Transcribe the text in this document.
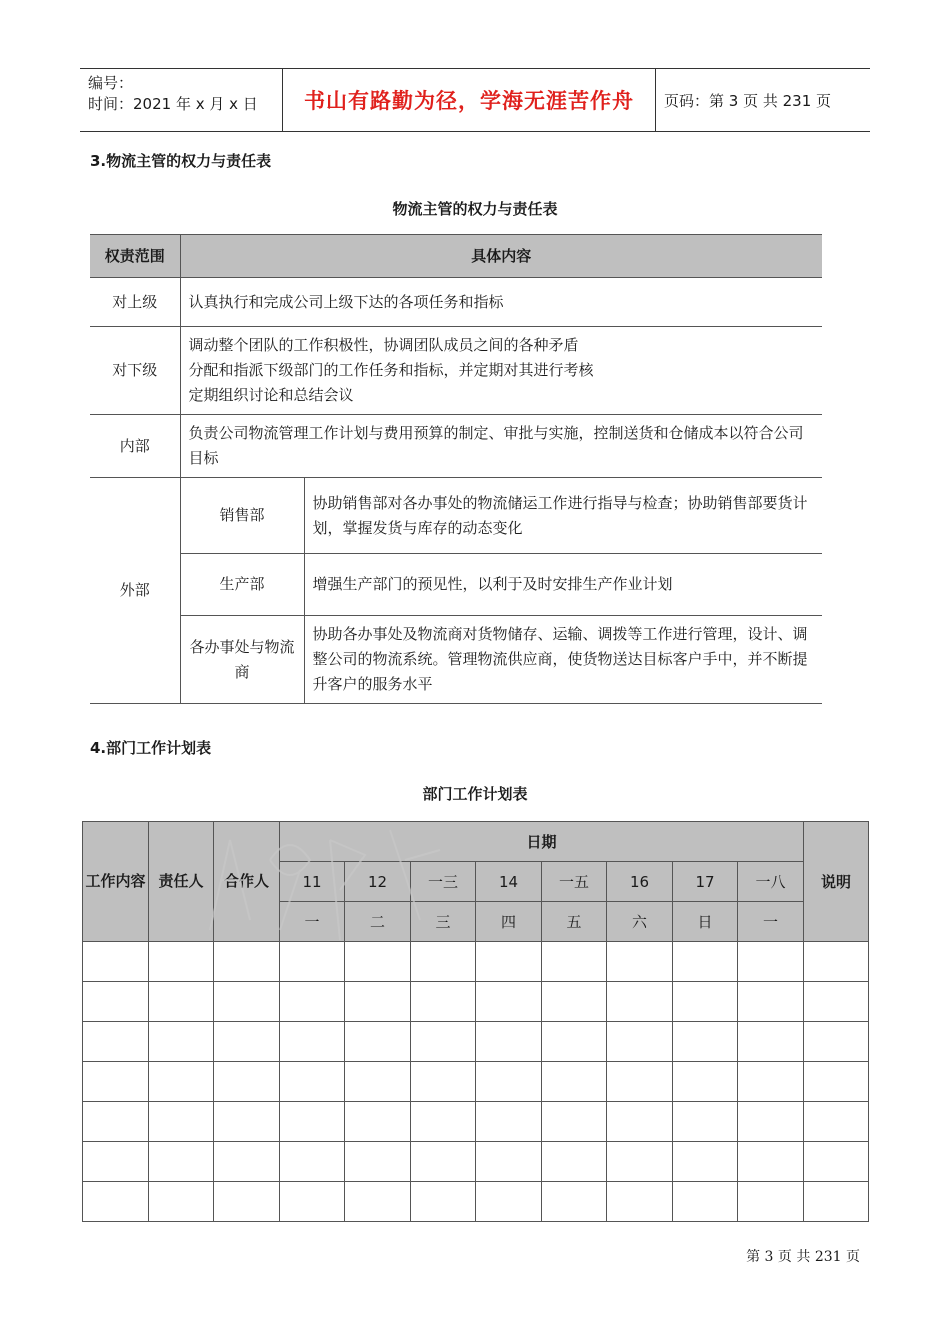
编号：
时间：2021 年 x 月 x 日	书山有路勤为径，学海无涯苦作舟	页码：第 3 页 共 231 页
3.物流主管的权力与责任表
物流主管的权力与责任表
权责范围	具体内容	
对上级	认真执行和完成公司上级下达的各项任务和指标	
对下级	调动整个团队的工作积极性，协调团队成员之间的各种矛盾
分配和指派下级部门的工作任务和指标，并定期对其进行考核
定期组织讨论和总结会议	

内部	负责公司物流管理工作计划与费用预算的制定、审批与实施，控制送货和仓储成本以符合公司目标	
外部	销售部	协助销售部对各办事处的物流储运工作进行指导与检查；协助销售部要货计划，掌握发货与库存的动态变化
	生产部	增强生产部门的预见性，以利于及时安排生产作业计划
	各办事处与物流商	协助各办事处及物流商对货物储存、运输、调拨等工作进行管理，设计、调整公司的物流系统。管理物流供应商，使货物送达目标客户手中，并不断提升客户的服务水平
4.部门工作计划表
部门工作计划表
工作内容	责任人	合作人	日期								说明
			11	12	一三	14	一五	16	17	一八	
			一	二	三	四	五	六	日	一	

第 3 页 共 231 页
